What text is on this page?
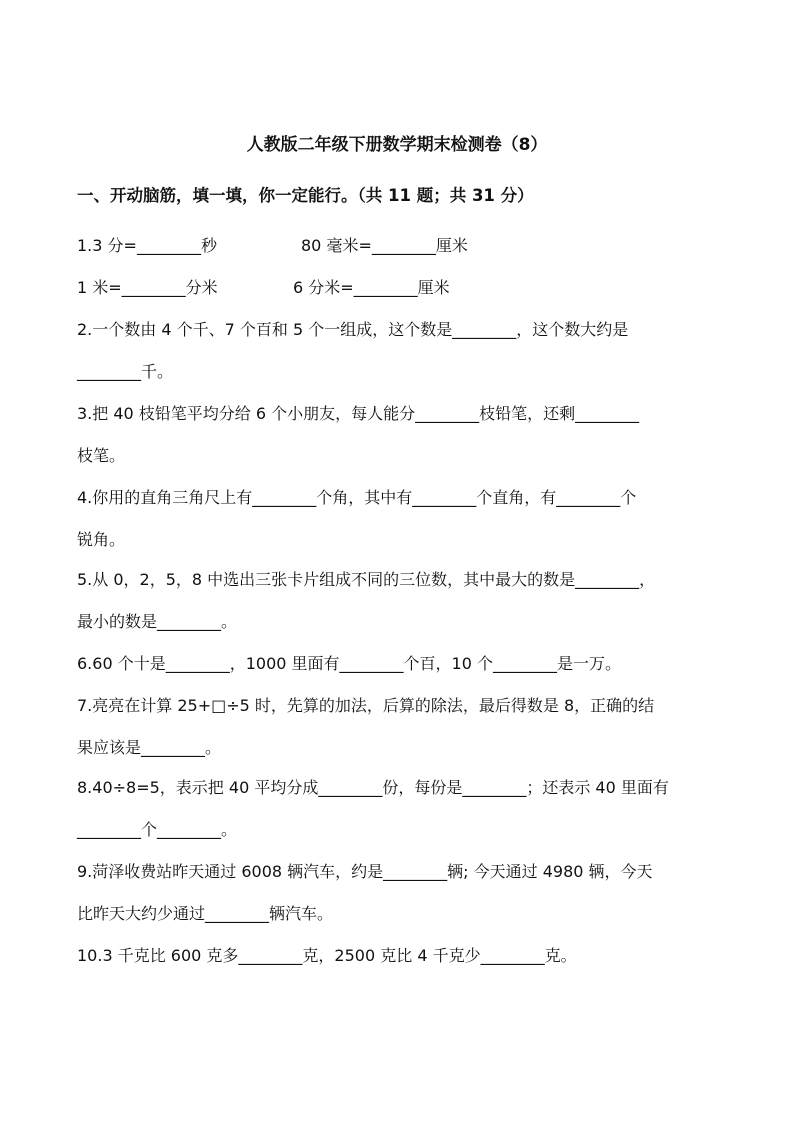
人教版二年级下册数学期末检测卷（8）
一、开动脑筋，填一填，你一定能行。（共 11 题；共 31 分）
1.3 分=________秒	80 毫米=________厘米
1 米=________分米	6 分米=________厘米
2.一个数由 4 个千、7 个百和 5 个一组成，这个数是________，这个数大约是
________千。
3.把 40 枝铅笔平均分给 6 个小朋友，每人能分________枝铅笔，还剩________
枝笔。
4.你用的直角三角尺上有________个角，其中有________个直角，有________个
锐角。
5.从 0，2，5，8 中选出三张卡片组成不同的三位数，其中最大的数是________，
最小的数是________。
6.60 个十是________，1000 里面有________个百，10 个________是一万。
7.亮亮在计算 25+□÷5 时，先算的加法，后算的除法，最后得数是 8，正确的结
果应该是________。
8.40÷8=5，表示把 40 平均分成________份，每份是________；还表示 40 里面有
________个________。
9.菏泽收费站昨天通过 6008 辆汽车，约是________辆; 今天通过 4980 辆，今天
比昨天大约少通过________辆汽车。
10.3 千克比 600 克多________克，2500 克比 4 千克少________克。
